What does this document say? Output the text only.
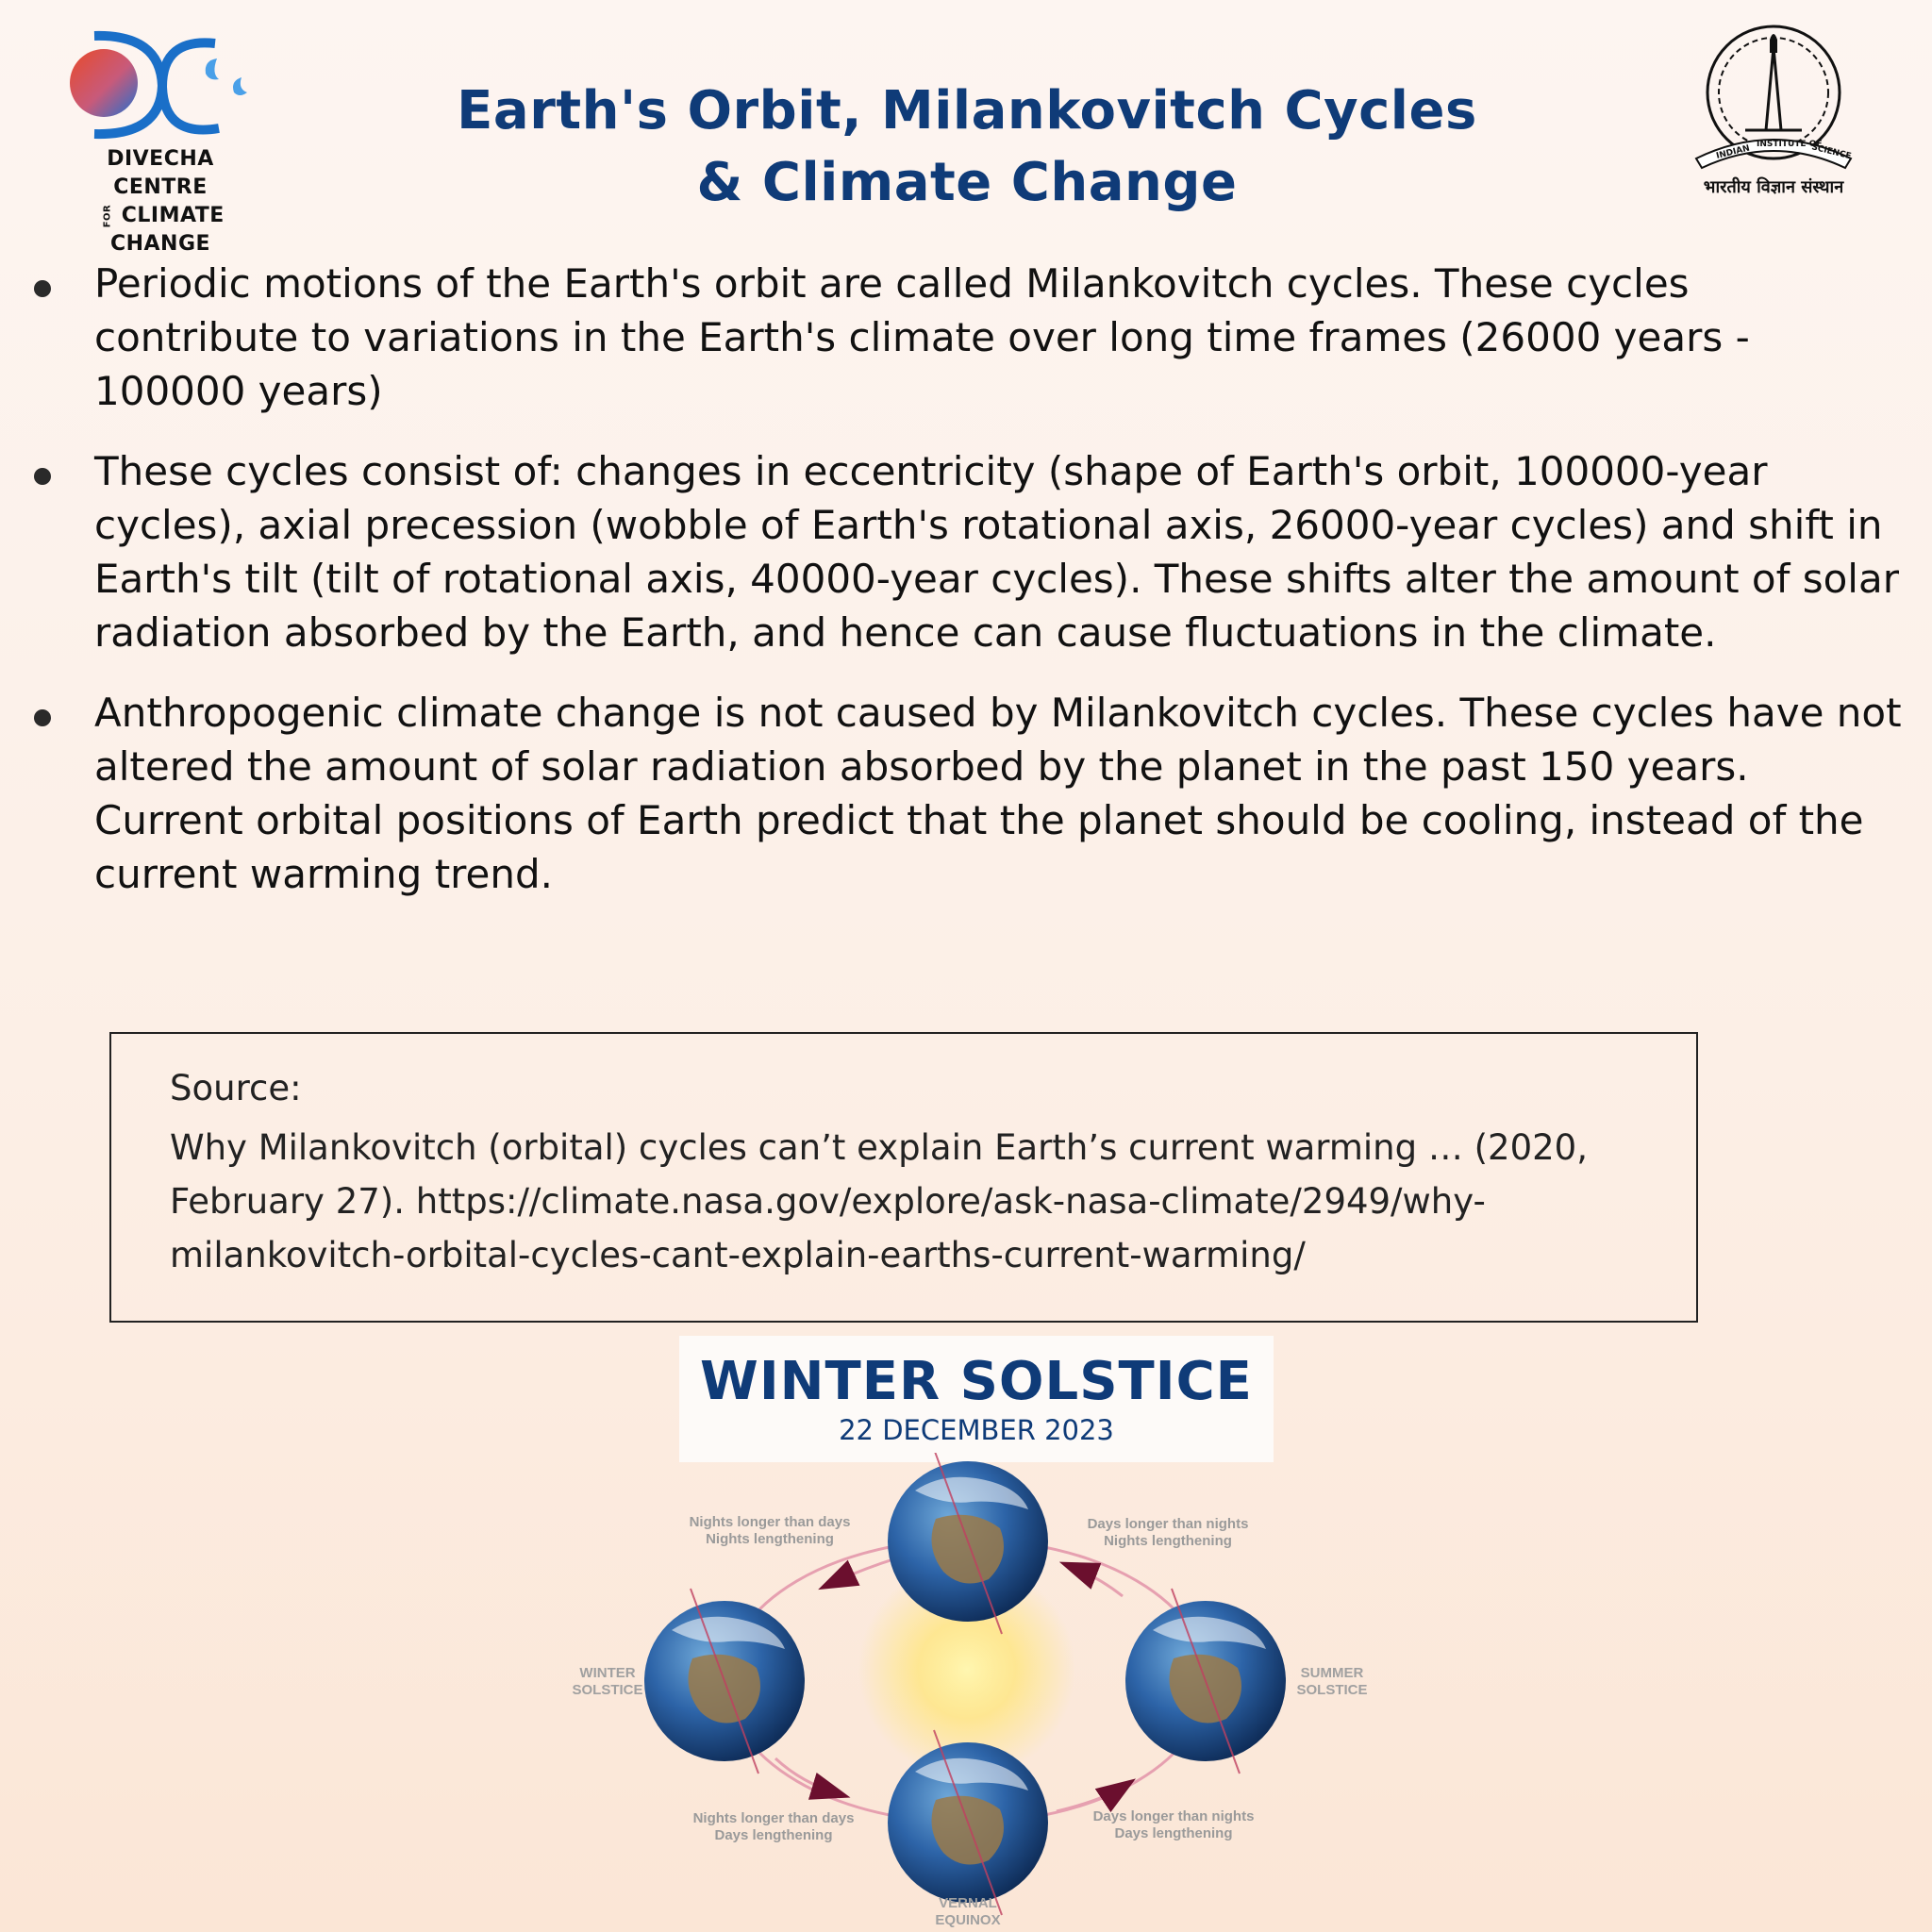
DIVECHA CENTRE
FOR CLIMATE CHANGE
INDIAN INSTITUTE OF
SCIENCE
भारतीय विज्ञान संस्थान
Earth's Orbit, Milankovitch Cycles
& Climate Change
Periodic motions of the Earth's orbit are called Milankovitch cycles. These cycles contribute to variations in the Earth's climate over long time frames (26000 years - 100000 years)
These cycles consist of: changes in eccentricity (shape of Earth's orbit, 100000-year cycles), axial precession (wobble of Earth's rotational axis, 26000-year cycles) and shift in Earth's tilt (tilt of rotational axis, 40000-year cycles). These shifts alter the amount of solar radiation absorbed by the Earth, and hence can cause fluctuations in the climate.
Anthropogenic climate change is not caused by Milankovitch cycles. These cycles have not altered the amount of solar radiation absorbed by the planet in the past 150 years. Current orbital positions of Earth predict that the planet should be cooling, instead of the current warming trend.
Source:
Why Milankovitch (orbital) cycles can’t explain Earth’s current warming … (2020, February 27). https://climate.nasa.gov/explore/ask-nasa-climate/2949/why-milankovitch-orbital-cycles-cant-explain-earths-current-warming/
WINTER SOLSTICE
22 DECEMBER 2023
Nights longer than days
Nights lengthening
Days longer than nights
Nights lengthening
Nights longer than days
Days lengthening
Days longer than nights
Days lengthening
WINTER
SOLSTICE
SUMMER
SOLSTICE
VERNAL
EQUINOX
